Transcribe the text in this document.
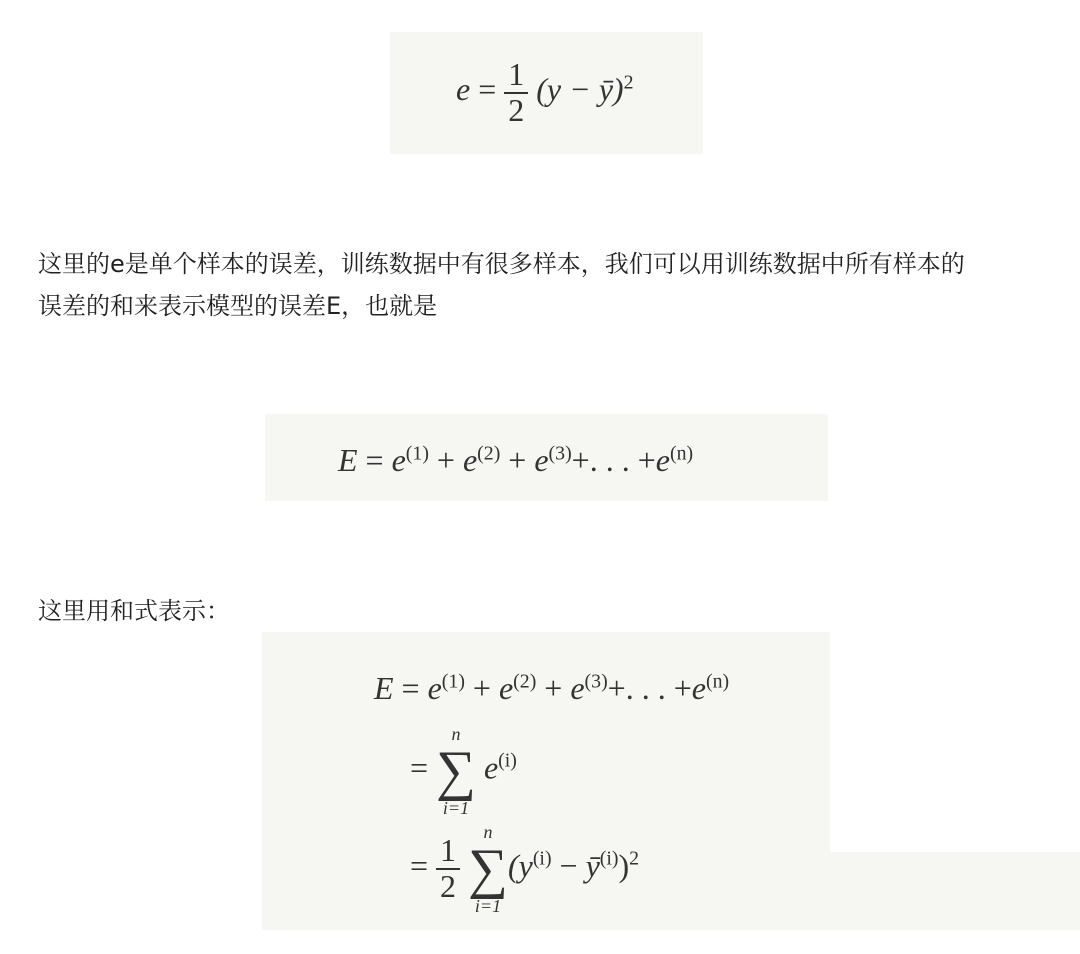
$e = \frac{1}{2} (y$ − ȳ)$^2$
这里的e是单个样本的误差，训练数据中有很多样本，我们可以用训练数据中所有样本的
误差的和来表示模型的误差E，也就是
$E = e^{(1)} + e^{(2)} + e^{(3)}+$. . . $+e^{(n)}$
这里用和式表示：
$E = e^{(1)} + e^{(2)} + e^{(3)}+$. . . $+e^{(n)}$
=
n
∑
i=1
$e^{(i)}$
= $\frac{1}{2}$

n
∑
i=1
($y^{(i)}$ − $ȳ^{(i)})^2$
